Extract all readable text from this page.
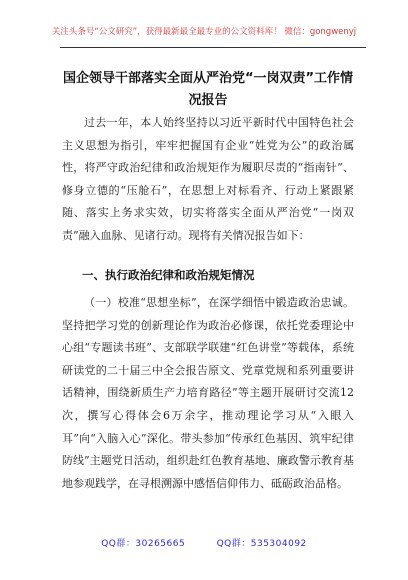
关注头条号“公文研究”，获得最新最全最专业的公文资料库！ 微信：gongwenyj
国企领导干部落实全面从严治党“一岗双责”工作情况报告
过去一年，本人始终坚持以习近平新时代中国特色社会主义思想为指引，牢牢把握国有企业“姓党为公”的政治属性，将严守政治纪律和政治规矩作为履职尽责的“指南针”、修身立德的“压舱石”，在思想上对标看齐、行动上紧跟紧随、落实上务求实效，切实将落实全面从严治党“一岗双责”融入血脉、见诸行动。现将有关情况报告如下：
一、执行政治纪律和政治规矩情况
（一）校准“思想坐标”，在深学细悟中锻造政治忠诚。坚持把学习党的创新理论作为政治必修课，依托党委理论中心组“专题读书班”、支部联学联建“红色讲堂”等载体，系统研读党的二十届三中全会报告原文、党章党规和系列重要讲话精神，围绕新质生产力培育路径”等主题开展研讨交流12次，撰写心得体会6万余字，推动理论学习从“入眼入耳”向“入脑入心”深化。带头参加“传承红色基因、筑牢纪律防线”主题党日活动，组织赴红色教育基地、廉政警示教育基地参观践学，在寻根溯源中感悟信仰伟力、砥砺政治品格。
QQ群：30265665	QQ群：535304092
